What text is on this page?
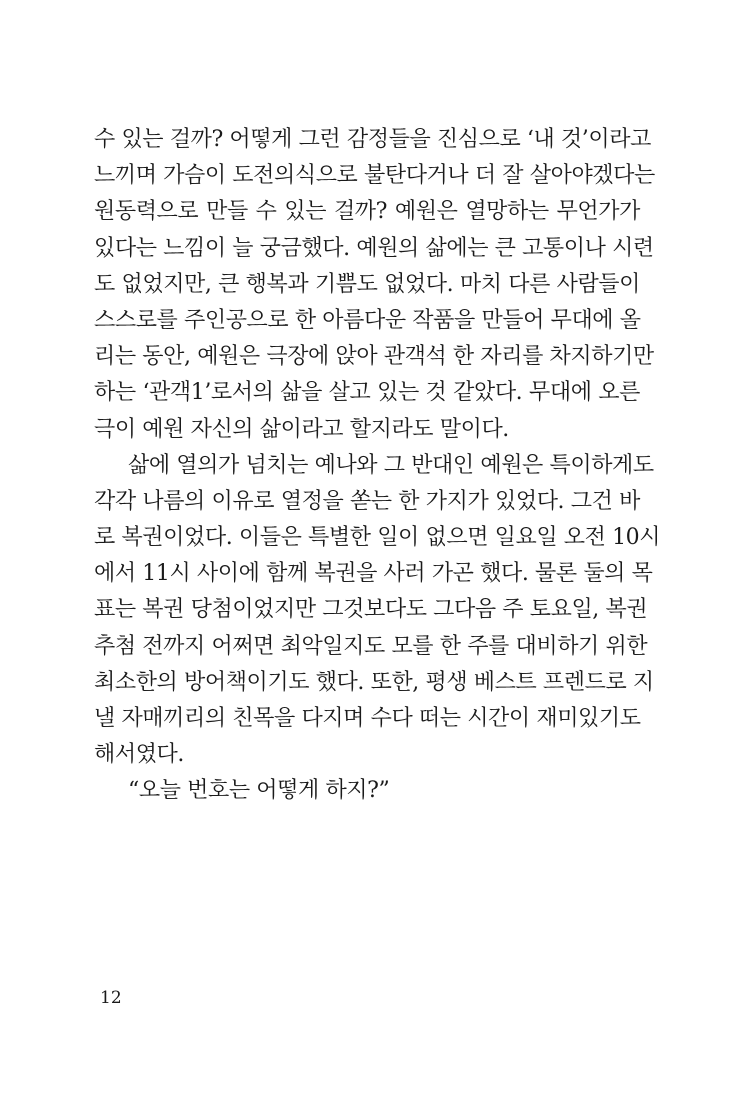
수 있는 걸까? 어떻게 그런 감정들을 진심으로 ‘내 것’이라고
느끼며 가슴이 도전의식으로 불탄다거나 더 잘 살아야겠다는
원동력으로 만들 수 있는 걸까? 예원은 열망하는 무언가가
있다는 느낌이 늘 궁금했다. 예원의 삶에는 큰 고통이나 시련
도 없었지만, 큰 행복과 기쁨도 없었다. 마치 다른 사람들이
스스로를 주인공으로 한 아름다운 작품을 만들어 무대에 올
리는 동안, 예원은 극장에 앉아 관객석 한 자리를 차지하기만
하는 ‘관객1’로서의 삶을 살고 있는 것 같았다. 무대에 오른
극이 예원 자신의 삶이라고 할지라도 말이다.
삶에 열의가 넘치는 예나와 그 반대인 예원은 특이하게도
각각 나름의 이유로 열정을 쏟는 한 가지가 있었다. 그건 바
로 복권이었다. 이들은 특별한 일이 없으면 일요일 오전 10시
에서 11시 사이에 함께 복권을 사러 가곤 했다. 물론 둘의 목
표는 복권 당첨이었지만 그것보다도 그다음 주 토요일, 복권
추첨 전까지 어쩌면 최악일지도 모를 한 주를 대비하기 위한
최소한의 방어책이기도 했다. 또한, 평생 베스트 프렌드로 지
낼 자매끼리의 친목을 다지며 수다 떠는 시간이 재미있기도
해서였다.
“오늘 번호는 어떻게 하지?”
12
